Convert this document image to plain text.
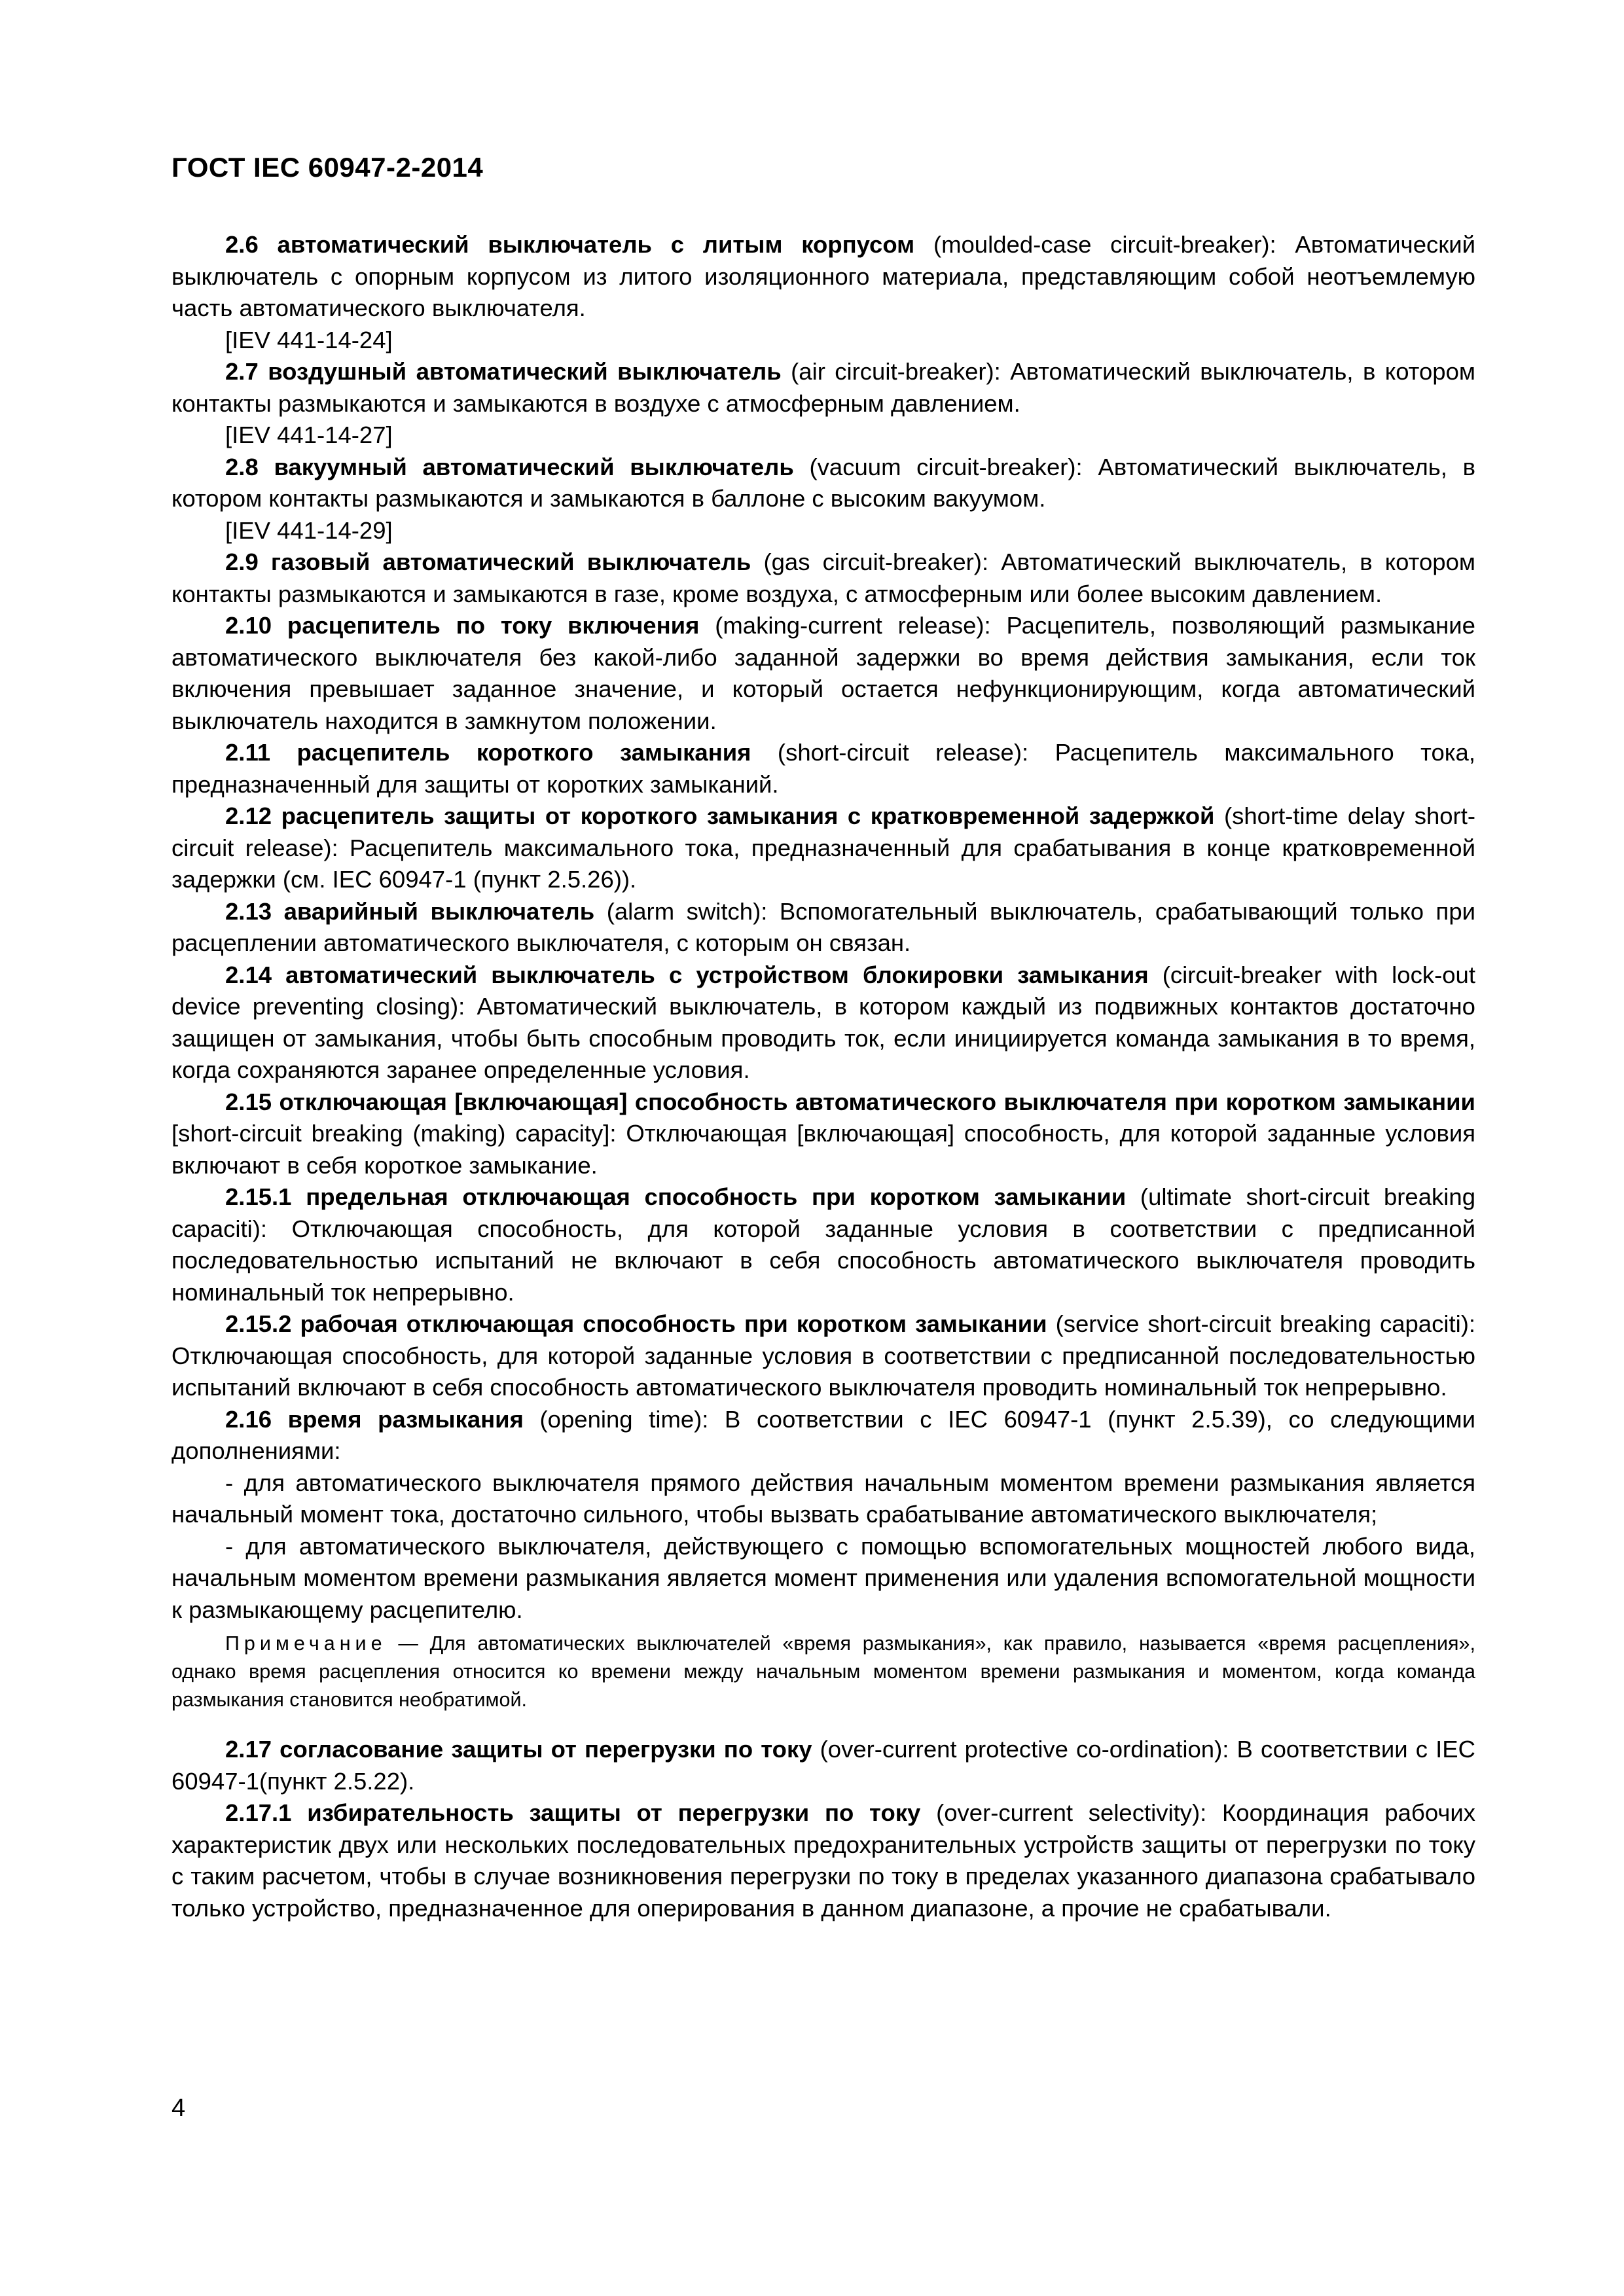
ГОСТ IEC 60947-2-2014

2.6 автоматический выключатель с литым корпусом (moulded-case circuit-breaker): Автоматический выключатель с опорным корпусом из литого изоляционного материала, представляющим собой неотъемлемую часть автоматического выключателя.

[IEV 441-14-24]

2.7 воздушный автоматический выключатель (air circuit-breaker): Автоматический выключатель, в котором контакты размыкаются и замыкаются в воздухе с атмосферным давлением.

[IEV 441-14-27]

2.8 вакуумный автоматический выключатель (vacuum circuit-breaker): Автоматический выключатель, в котором контакты размыкаются и замыкаются в баллоне с высоким вакуумом.

[IEV 441-14-29]

2.9 газовый автоматический выключатель (gas circuit-breaker): Автоматический выключатель, в котором контакты размыкаются и замыкаются в газе, кроме воздуха, с атмосферным или более высоким давлением.

2.10 расцепитель по току включения (making-current release): Расцепитель, позволяющий размыкание автоматического выключателя без какой-либо заданной задержки во время действия замыкания, если ток включения превышает заданное значение, и который остается нефункционирующим, когда автоматический выключатель находится в замкнутом положении.

2.11 расцепитель короткого замыкания (short-circuit release): Расцепитель максимального тока, предназначенный для защиты от коротких замыканий.

2.12 расцепитель защиты от короткого замыкания с кратковременной задержкой (short-time delay short-circuit release): Расцепитель максимального тока, предназначенный для срабатывания в конце кратковременной задержки (см. IEC 60947-1 (пункт 2.5.26)).

2.13 аварийный выключатель (alarm switch): Вспомогательный выключатель, срабатывающий только при расцеплении автоматического выключателя, с которым он связан.

2.14 автоматический выключатель с устройством блокировки замыкания (circuit-breaker with lock-out device preventing closing): Автоматический выключатель, в котором каждый из подвижных контактов достаточно защищен от замыкания, чтобы быть способным проводить ток, если инициируется команда замыкания в то время, когда сохраняются заранее определенные условия.

2.15 отключающая [включающая] способность автоматического выключателя при коротком замыкании [short-circuit breaking (making) capacity]: Отключающая [включающая] способность, для которой заданные условия включают в себя короткое замыкание.

2.15.1 предельная отключающая способность при коротком замыкании (ultimate short-circuit breaking capaciti): Отключающая способность, для которой заданные условия в соответствии с предписанной последовательностью испытаний не включают в себя способность автоматического выключателя проводить номинальный ток непрерывно.

2.15.2 рабочая отключающая способность при коротком замыкании (service short-circuit breaking capaciti): Отключающая способность, для которой заданные условия в соответствии с предписанной последовательностью испытаний включают в себя способность автоматического выключателя проводить номинальный ток непрерывно.

2.16 время размыкания (opening time): В соответствии с IEC 60947-1 (пункт 2.5.39), со следующими дополнениями:

- для автоматического выключателя прямого действия начальным моментом времени размыкания является начальный момент тока, достаточно сильного, чтобы вызвать срабатывание автоматического выключателя;

- для автоматического выключателя, действующего с помощью вспомогательных мощностей любого вида, начальным моментом времени размыкания является момент применения или удаления вспомогательной мощности к размыкающему расцепителю.

Примечание — Для автоматических выключателей «время размыкания», как правило, называется «время расцепления», однако время расцепления относится ко времени между начальным моментом времени размыкания и моментом, когда команда размыкания становится необратимой.

2.17 согласование защиты от перегрузки по току (over-current protective co-ordination): В соответствии с IEC 60947-1(пункт 2.5.22).

2.17.1 избирательность защиты от перегрузки по току (over-current selectivity): Координация рабочих характеристик двух или нескольких последовательных предохранительных устройств защиты от перегрузки по току с таким расчетом, чтобы в случае возникновения перегрузки по току в пределах указанного диапазона срабатывало только устройство, предназначенное для оперирования в данном диапазоне, а прочие не срабатывали.

4
